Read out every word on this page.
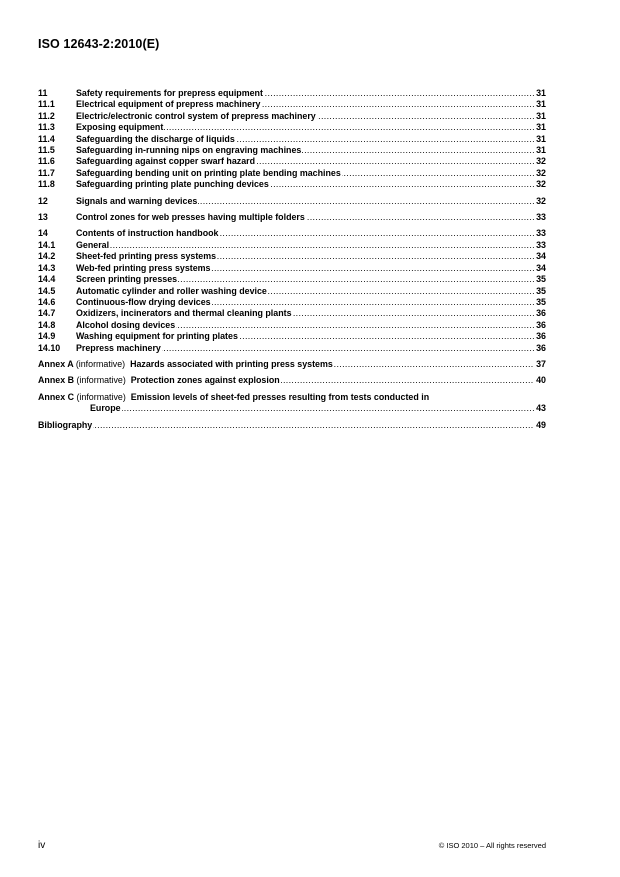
ISO 12643-2:2010(E)
11	Safety requirements for prepress equipment .....	31
11.1	Electrical equipment of prepress machinery .....	31
11.2	Electric/electronic control system of prepress machinery .....	31
11.3	Exposing equipment .....	31
11.4	Safeguarding the discharge of liquids .....	31
11.5	Safeguarding in-running nips on engraving machines .....	31
11.6	Safeguarding against copper swarf hazard .....	32
11.7	Safeguarding bending unit on printing plate bending machines .....	32
11.8	Safeguarding printing plate punching devices .....	32
12	Signals and warning devices .....	32
13	Control zones for web presses having multiple folders .....	33
14	Contents of instruction handbook .....	33
14.1	General .....	33
14.2	Sheet-fed printing press systems .....	34
14.3	Web-fed printing press systems .....	34
14.4	Screen printing presses .....	35
14.5	Automatic cylinder and roller washing device .....	35
14.6	Continuous-flow drying devices .....	35
14.7	Oxidizers, incinerators and thermal cleaning plants .....	36
14.8	Alcohol dosing devices .....	36
14.9	Washing equipment for printing plates .....	36
14.10	Prepress machinery .....	36
Annex A (informative) Hazards associated with printing press systems .....	37
Annex B (informative) Protection zones against explosion .....	40
Annex C (informative) Emission levels of sheet-fed presses resulting from tests conducted in
Europe .....	43
Bibliography .....	49
iv	© ISO 2010 – All rights reserved
